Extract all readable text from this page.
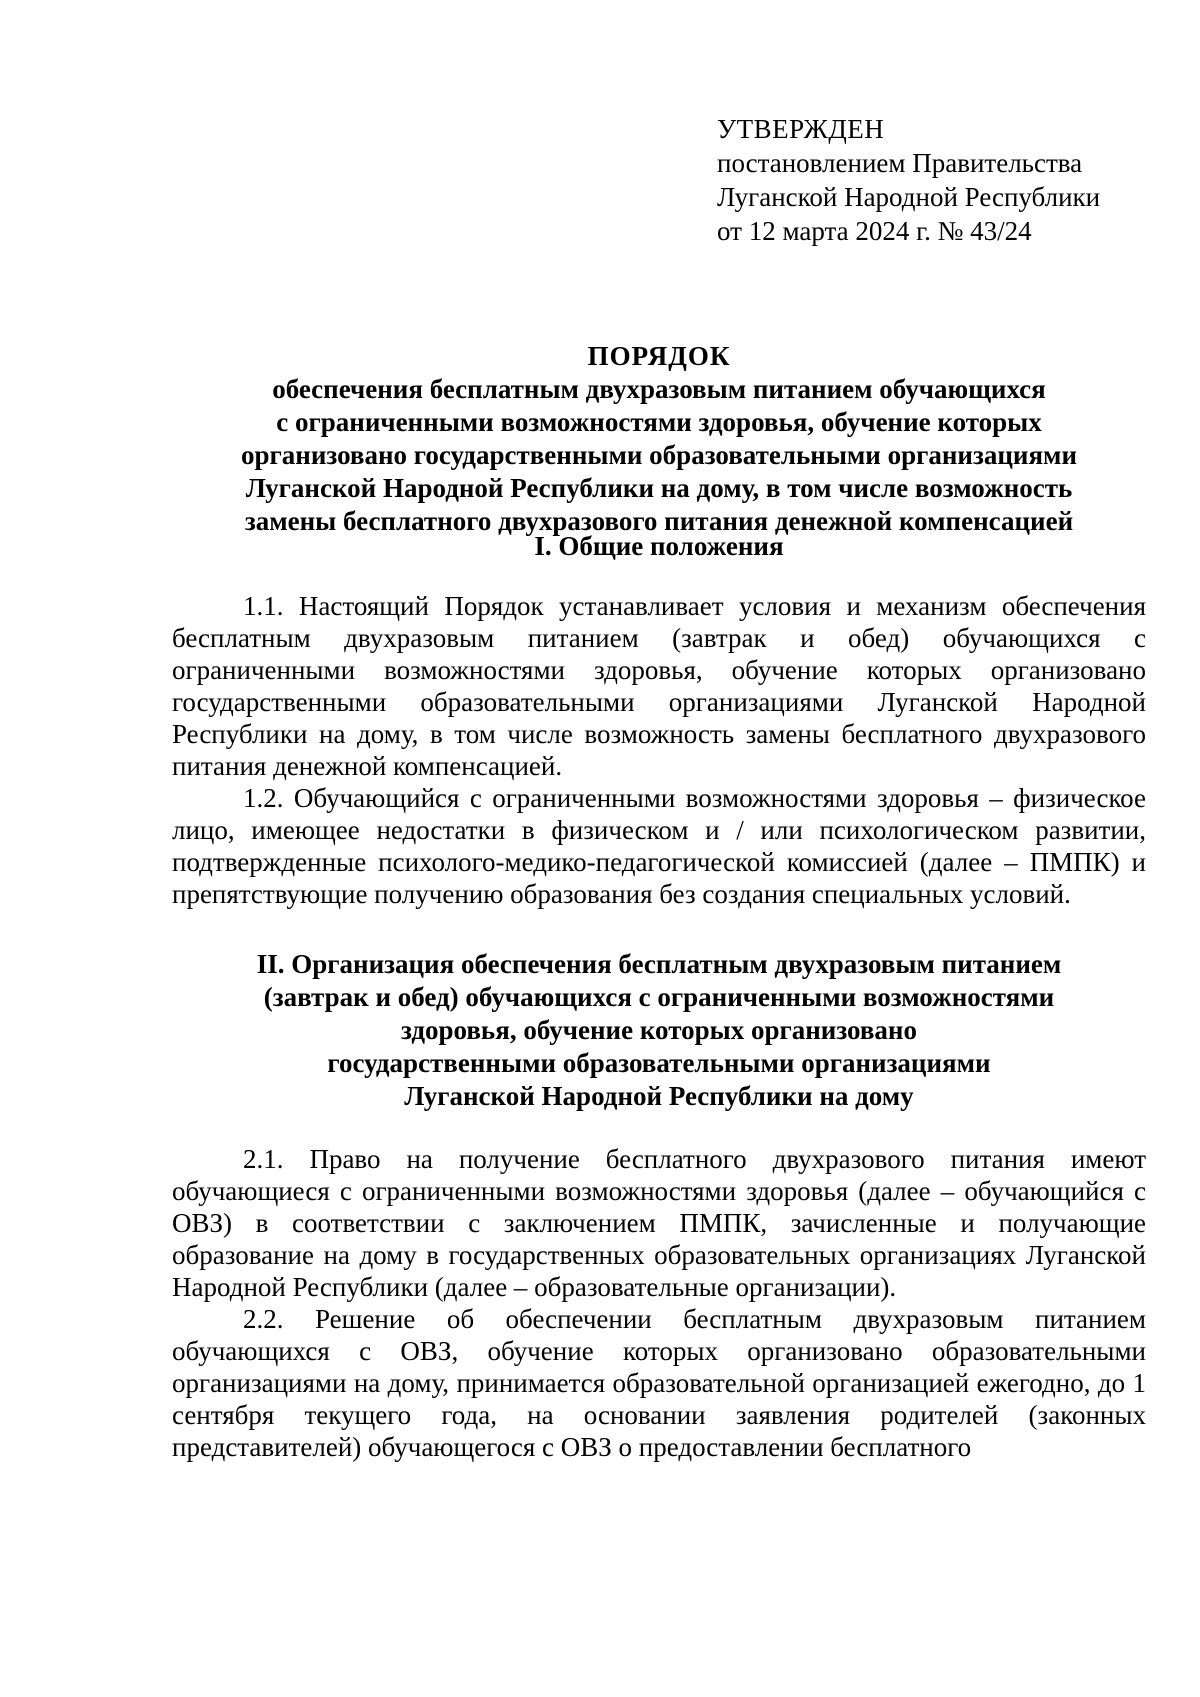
УТВЕРЖДЕН
постановлением Правительства
Луганской Народной Республики
от 12 марта 2024 г. № 43/24
ПОРЯДОК
обеспечения бесплатным двухразовым питанием обучающихся
с ограниченными возможностями здоровья, обучение которых
организовано государственными образовательными организациями
Луганской Народной Республики на дому, в том числе возможность
замены бесплатного двухразового питания денежной компенсацией
I. Общие положения

1.1. Настоящий Порядок устанавливает условия и механизм обеспечения бесплатным двухразовым питанием (завтрак и обед) обучающихся с ограниченными возможностями здоровья, обучение которых организовано государственными образовательными организациями Луганской Народной Республики на дому, в том числе возможность замены бесплатного двухразового питания денежной компенсацией.

1.2. Обучающийся с ограниченными возможностями здоровья – физическое лицо, имеющее недостатки в физическом и / или психологическом развитии, подтвержденные психолого-медико-педагогической комиссией (далее – ПМПК) и препятствующие получению образования без создания специальных условий.

II. Организация обеспечения бесплатным двухразовым питанием
(завтрак и обед) обучающихся с ограниченными возможностями
здоровья, обучение которых организовано
государственными образовательными организациями
Луганской Народной Республики на дому

2.1. Право на получение бесплатного двухразового питания имеют обучающиеся с ограниченными возможностями здоровья (далее – обучающийся с ОВЗ) в соответствии с заключением ПМПК, зачисленные и получающие образование на дому в государственных образовательных организациях Луганской Народной Республики (далее – образовательные организации).

2.2. Решение об обеспечении бесплатным двухразовым питанием обучающихся с ОВЗ, обучение которых организовано образовательными организациями на дому, принимается образовательной организацией ежегодно, до 1 сентября текущего года, на основании заявления родителей (законных представителей) обучающегося с ОВЗ о предоставлении бесплатного
